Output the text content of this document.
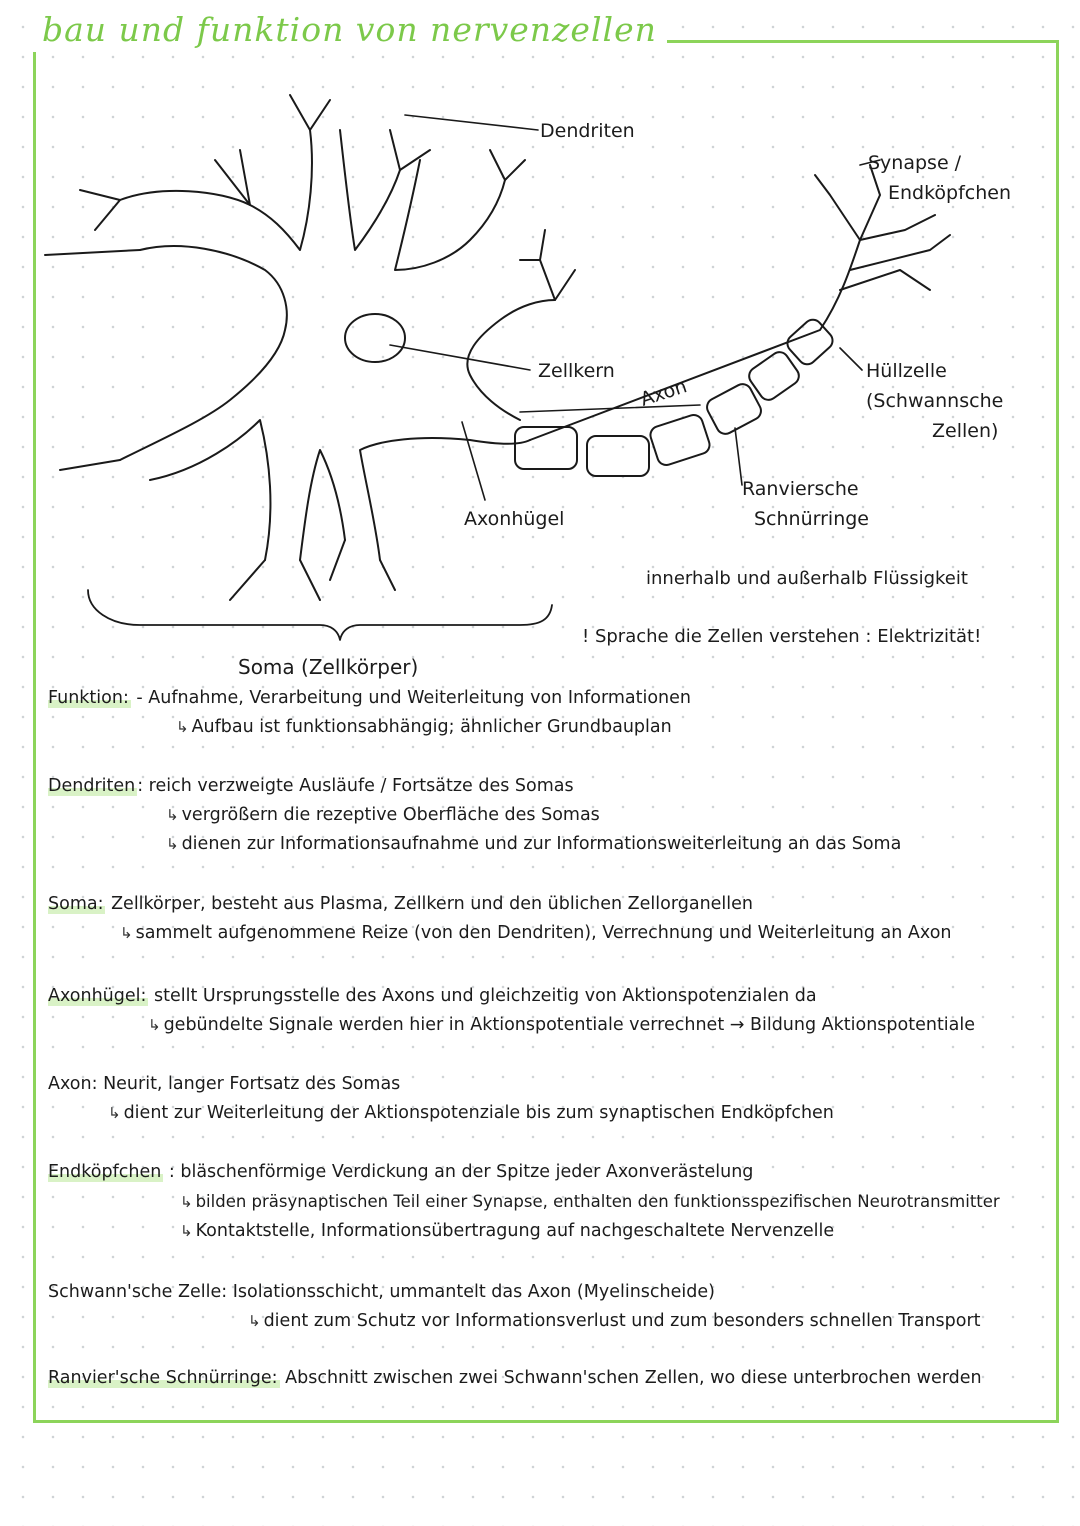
bau und funktion von nervenzellen
Dendriten
Synapse /
Endköpfchen
Zellkern
Axon
Hüllzelle
(Schwannsche
Zellen)
Axonhügel
Ranviersche
Schnürringe
Soma (Zellkörper)
innerhalb und außerhalb Flüssigkeit
! Sprache die Zellen verstehen : Elektrizität!
Funktion: - Aufnahme, Verarbeitung und Weiterleitung von Informationen
↳ Aufbau ist funktionsabhängig; ähnlicher Grundbauplan
Dendriten : reich verzweigte Ausläufe / Fortsätze des Somas
↳ vergrößern die rezeptive Oberfläche des Somas
↳ dienen zur Informationsaufnahme und zur Informationsweiterleitung an das Soma
Soma: Zellkörper, besteht aus Plasma, Zellkern und den üblichen Zellorganellen
↳ sammelt aufgenommene Reize (von den Dendriten), Verrechnung und Weiterleitung an Axon
Axonhügel: stellt Ursprungsstelle des Axons und gleichzeitig von Aktionspotenzialen da
↳ gebündelte Signale werden hier in Aktionspotentiale verrechnet → Bildung Aktionspotentiale
Axon: Neurit, langer Fortsatz des Somas
↳ dient zur Weiterleitung der Aktionspotenziale bis zum synaptischen Endköpfchen
Endköpfchen : bläschenförmige Verdickung an der Spitze jeder Axonverästelung
↳ bilden präsynaptischen Teil einer Synapse, enthalten den funktionsspezifischen Neurotransmitter
↳ Kontaktstelle, Informationsübertragung auf nachgeschaltete Nervenzelle
Schwann'sche Zelle: Isolationsschicht, ummantelt das Axon (Myelinscheide)
↳ dient zum Schutz vor Informationsverlust und zum besonders schnellen Transport
Ranvier'sche Schnürringe: Abschnitt zwischen zwei Schwann'schen Zellen, wo diese unterbrochen werden
